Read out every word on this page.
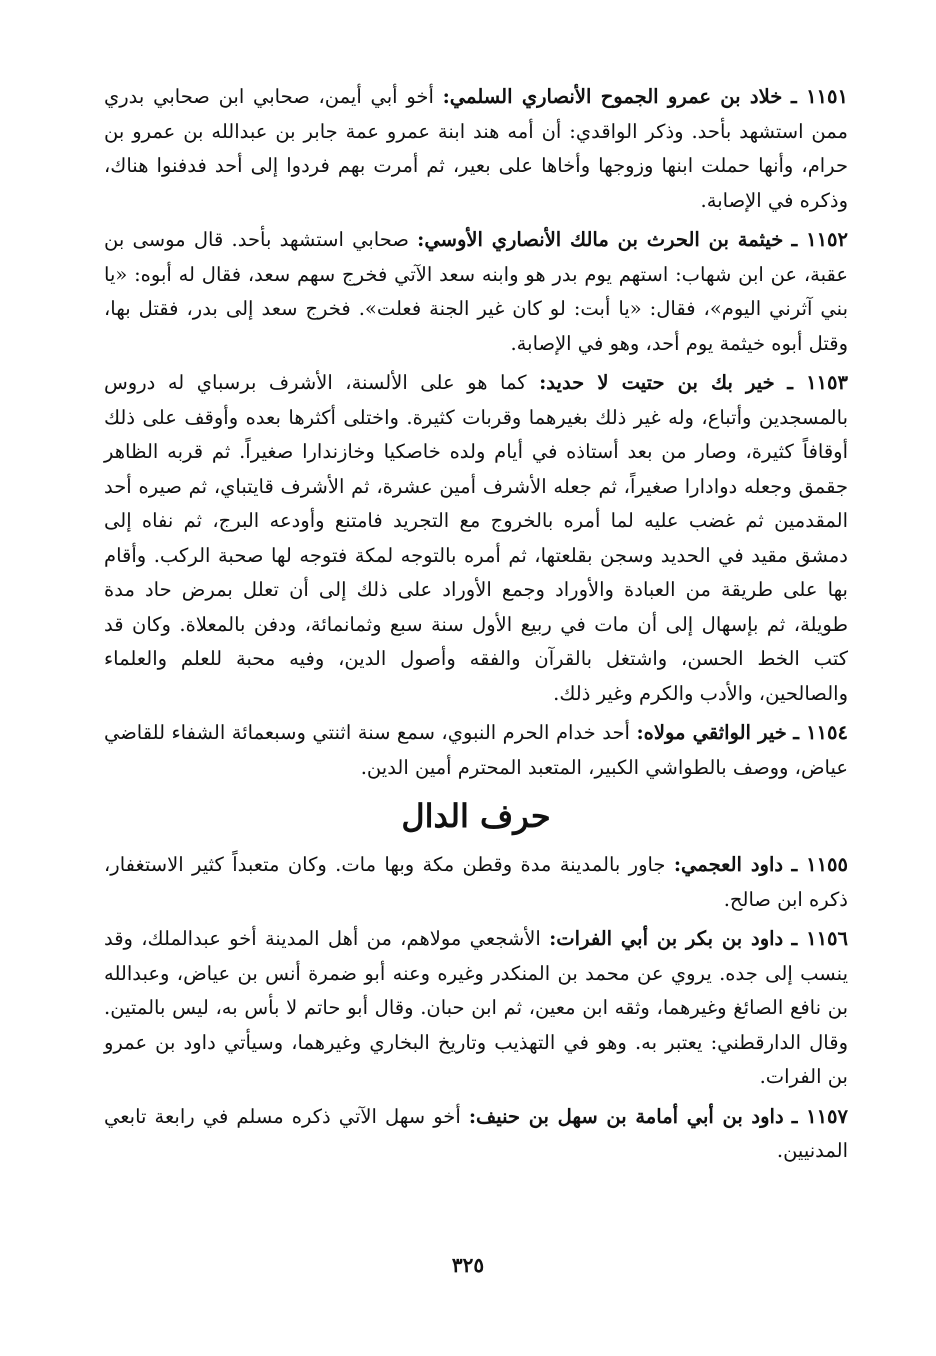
١١٥١ ـ خلاد بن عمرو الجموح الأنصاري السلمي: أخو أبي أيمن، صحابي ابن صحابي بدري ممن استشهد بأحد. وذكر الواقدي: أن أمه هند ابنة عمرو عمة جابر بن عبدالله بن عمرو بن حرام، وأنها حملت ابنها وزوجها وأخاها على بعير، ثم أمرت بهم فردوا إلى أحد فدفنوا هناك، وذكره في الإصابة.

١١٥٢ ـ خيثمة بن الحرث بن مالك الأنصاري الأوسي: صحابي استشهد بأحد. قال موسى بن عقبة، عن ابن شهاب: استهم يوم بدر هو وابنه سعد الآتي فخرج سهم سعد، فقال له أبوه: «يا بني آثرني اليوم»، فقال: «يا أبت: لو كان غير الجنة فعلت». فخرج سعد إلى بدر، فقتل بها، وقتل أبوه خيثمة يوم أحد، وهو في الإصابة.

١١٥٣ ـ خير بك بن حتيت لا حديد: كما هو على الألسنة، الأشرف برسباي له دروس بالمسجدين وأتباع، وله غير ذلك بغيرهما وقربات كثيرة. واختلى أكثرها بعده وأوقف على ذلك أوقافاً كثيرة، وصار من بعد أستاذه في أيام ولده خاصكيا وخازندارا صغيراً. ثم قربه الظاهر جقمق وجعله دوادارا صغيراً، ثم جعله الأشرف أمين عشرة، ثم الأشرف قايتباي، ثم صيره أحد المقدمين ثم غضب عليه لما أمره بالخروج مع التجريد فامتنع وأودعه البرج، ثم نفاه إلى دمشق مقيد في الحديد وسجن بقلعتها، ثم أمره بالتوجه لمكة فتوجه لها صحبة الركب. وأقام بها على طريقة من العبادة والأوراد وجمع الأوراد على ذلك إلى أن تعلل بمرض حاد مدة طويلة، ثم بإسهال إلى أن مات في ربيع الأول سنة سبع وثمانمائة، ودفن بالمعلاة. وكان قد كتب الخط الحسن، واشتغل بالقرآن والفقه وأصول الدين، وفيه محبة للعلم والعلماء والصالحين، والأدب والكرم وغير ذلك.

١١٥٤ ـ خير الواثقي مولاه: أحد خدام الحرم النبوي، سمع سنة اثنتي وسبعمائة الشفاء للقاضي عياض، ووصف بالطواشي الكبير، المتعبد المحترم أمين الدين.

حرف الدال

١١٥٥ ـ داود العجمي: جاور بالمدينة مدة وقطن مكة وبها مات. وكان متعبداً كثير الاستغفار، ذكره ابن صالح.

١١٥٦ ـ داود بن بكر بن أبي الفرات: الأشجعي مولاهم، من أهل المدينة أخو عبدالملك، وقد ينسب إلى جده. يروي عن محمد بن المنكدر وغيره وعنه أبو ضمرة أنس بن عياض، وعبدالله بن نافع الصائغ وغيرهما، وثقه ابن معين، ثم ابن حبان. وقال أبو حاتم لا بأس به، ليس بالمتين. وقال الدارقطني: يعتبر به. وهو في التهذيب وتاريخ البخاري وغيرهما، وسيأتي داود بن عمرو بن الفرات.

١١٥٧ ـ داود بن أبي أمامة بن سهل بن حنيف: أخو سهل الآتي ذكره مسلم في رابعة تابعي المدنيين.

٣٢٥
